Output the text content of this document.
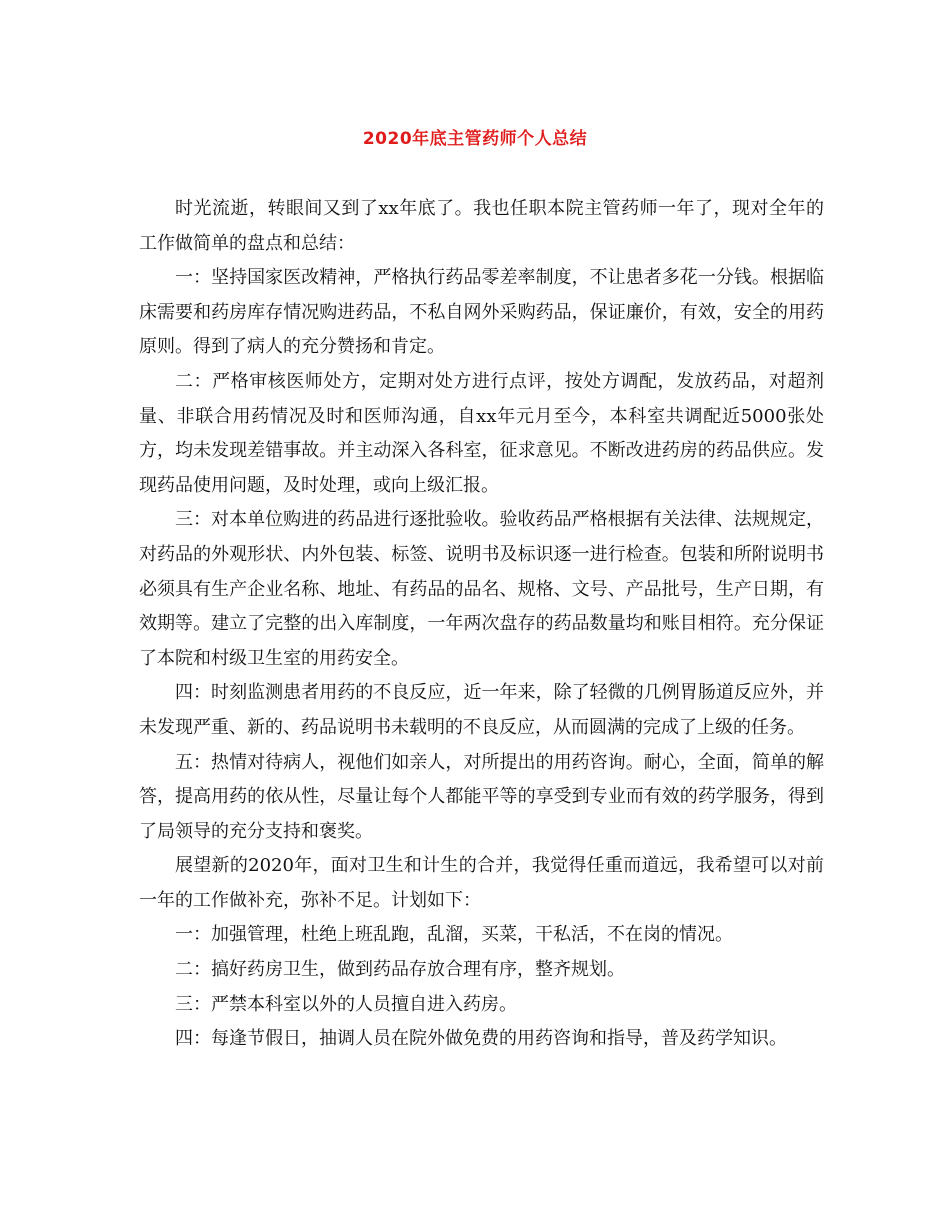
2020年底主管药师个人总结

时光流逝，转眼间又到了xx年底了。我也任职本院主管药师一年了，现对全年的工作做简单的盘点和总结：

一：坚持国家医改精神，严格执行药品零差率制度，不让患者多花一分钱。根据临床需要和药房库存情况购进药品，不私自网外采购药品，保证廉价，有效，安全的用药原则。得到了病人的充分赞扬和肯定。

二：严格审核医师处方，定期对处方进行点评，按处方调配，发放药品，对超剂量、非联合用药情况及时和医师沟通，自xx年元月至今，本科室共调配近5000张处方，均未发现差错事故。并主动深入各科室，征求意见。不断改进药房的药品供应。发现药品使用问题，及时处理，或向上级汇报。

三：对本单位购进的药品进行逐批验收。验收药品严格根据有关法律、法规规定，对药品的外观形状、内外包装、标签、说明书及标识逐一进行检查。包装和所附说明书必须具有生产企业名称、地址、有药品的品名、规格、文号、产品批号，生产日期，有效期等。建立了完整的出入库制度，一年两次盘存的药品数量均和账目相符。充分保证了本院和村级卫生室的用药安全。

四：时刻监测患者用药的不良反应，近一年来，除了轻微的几例胃肠道反应外，并未发现严重、新的、药品说明书未载明的不良反应，从而圆满的完成了上级的任务。

五：热情对待病人，视他们如亲人，对所提出的用药咨询。耐心，全面，简单的解答，提高用药的依从性，尽量让每个人都能平等的享受到专业而有效的药学服务，得到了局领导的充分支持和褒奖。

展望新的2020年，面对卫生和计生的合并，我觉得任重而道远，我希望可以对前一年的工作做补充，弥补不足。计划如下：

一：加强管理，杜绝上班乱跑，乱溜，买菜，干私活，不在岗的情况。

二：搞好药房卫生，做到药品存放合理有序，整齐规划。

三：严禁本科室以外的人员擅自进入药房。

四：每逢节假日，抽调人员在院外做免费的用药咨询和指导，普及药学知识。
